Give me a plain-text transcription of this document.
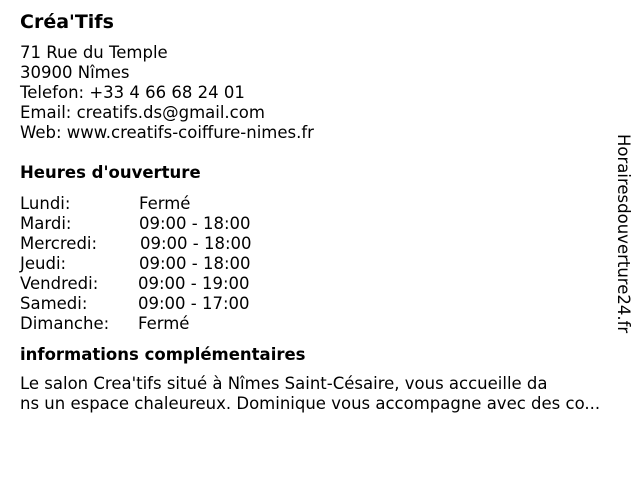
Créa'Tifs
71 Rue du Temple
30900 Nîmes
Telefon: +33 4 66 68 24 01
Email: creatifs.ds@gmail.com
Web: www.creatifs-coiffure-nimes.fr
Heures d'ouverture
Lundi:	Fermé
Mardi:	09:00 - 18:00
Mercredi:	09:00 - 18:00
Jeudi:	09:00 - 18:00
Vendredi: 09:00 - 19:00
Samedi:	09:00 - 17:00
Dimanche: Fermé
informations complémentaires
Le salon Crea'tifs situé à Nîmes Saint-Césaire, vous accueille da
ns un espace chaleureux. Dominique vous accompagne avec des co...
Horairesdouverture24.fr
